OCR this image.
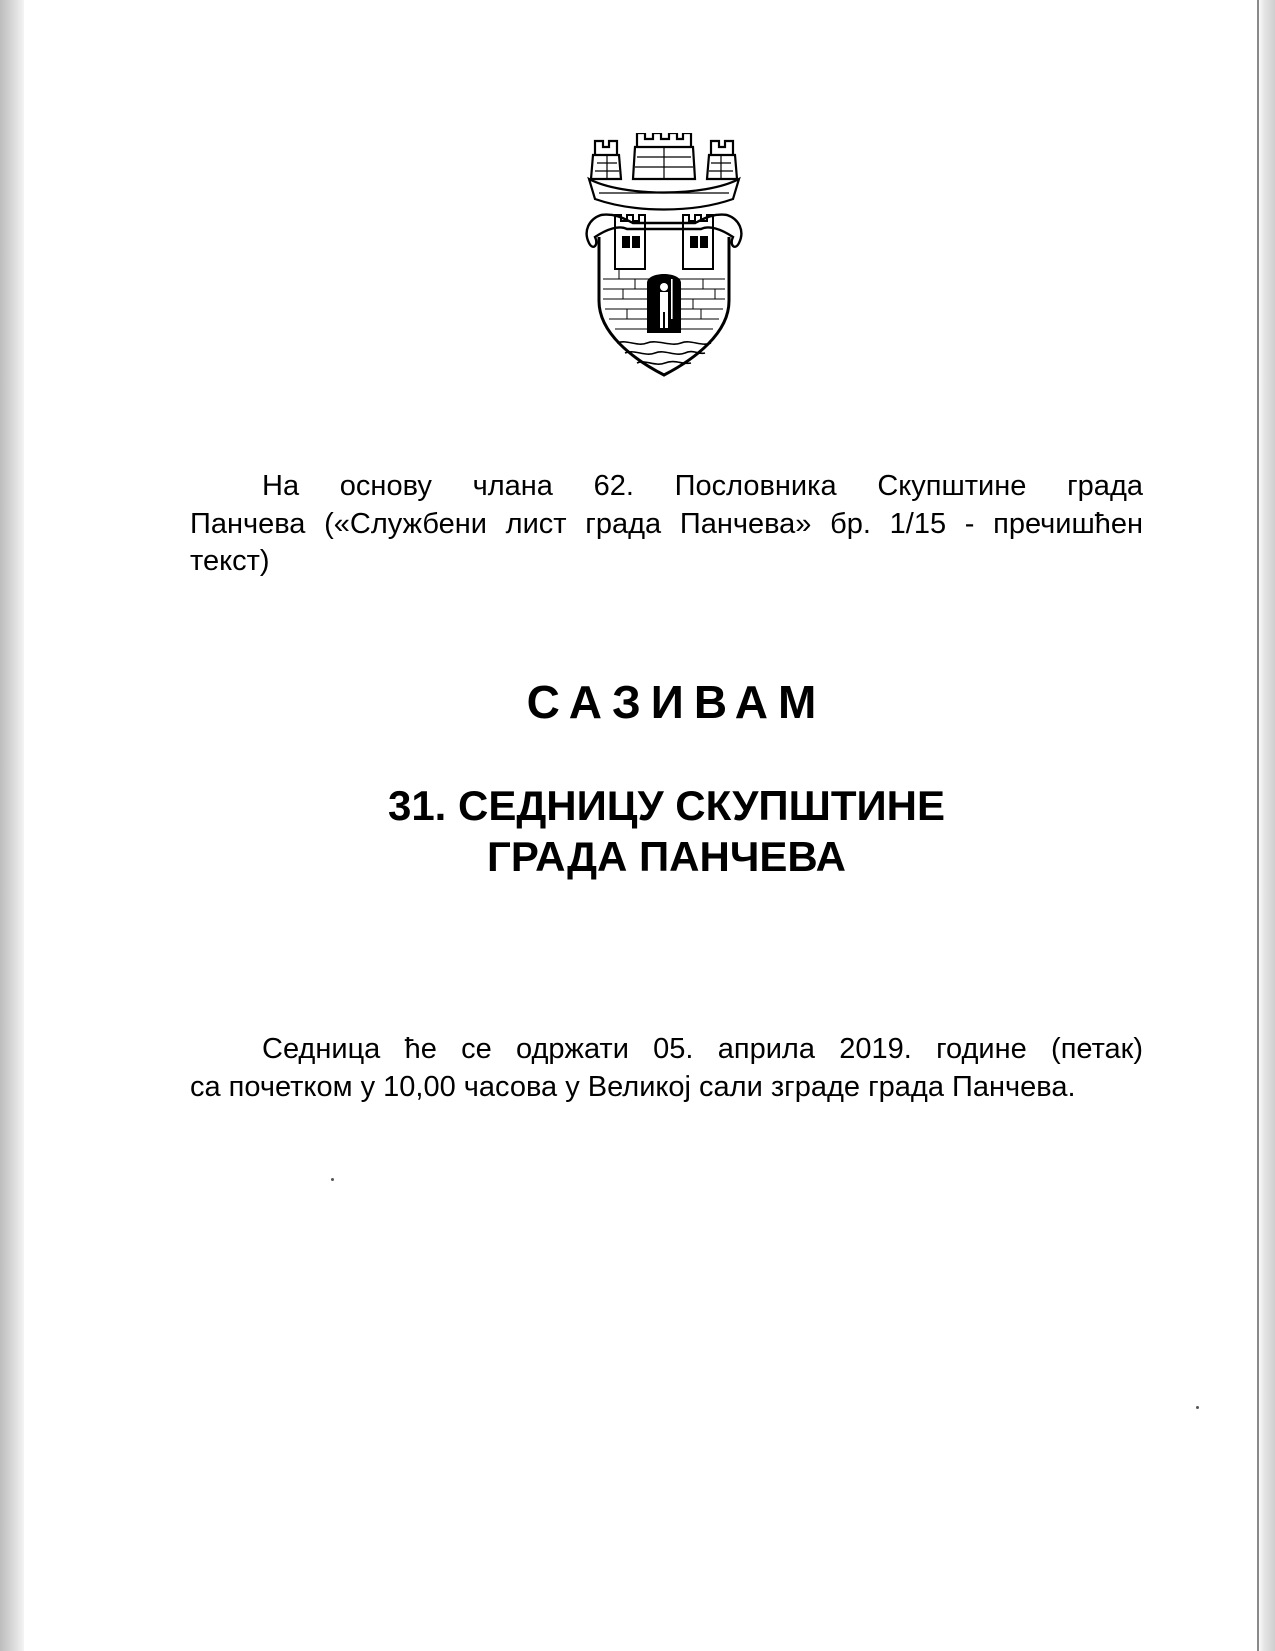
На основу члана 62. Пословника Скупштине града
Панчева («Службени лист града Панчева» бр. 1/15 - пречишћен текст)
САЗИВАМ
31. СЕДНИЦУ СКУПШТИНЕ
ГРАДА ПАНЧЕВА
Седница ће се одржати 05. априла 2019. године (петак)
са почетком у 10,00 часова у Великој сали зграде града Панчева.
